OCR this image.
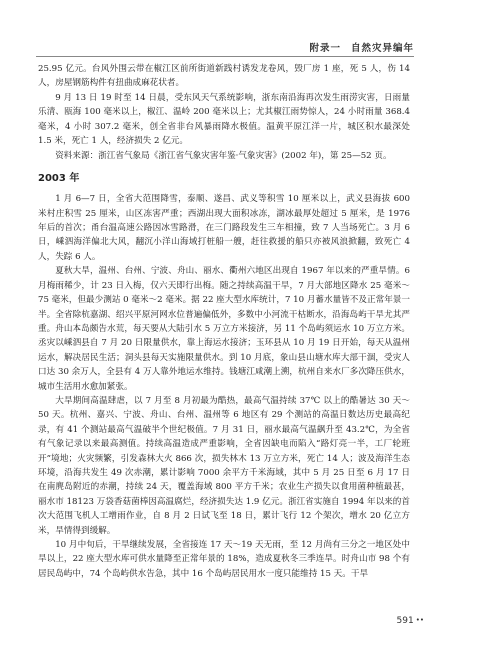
附录一 自然灾异编年

25.95 亿元。台风外围云带在椒江区前所街道新践村诱发龙卷风，毁厂房 1 座，死 5 人，伤 14 人，房屋钢筋构件有扭曲成麻花状者。

9 月 13 日 19 时至 14 日晨，受东风天气系统影响，浙东南沿海再次发生雨涝灾害，日雨量乐清、瓯海 100 毫米以上，椒江、温岭 200 毫米以上；尤其椒江雨势惊人，24 小时雨量 368.4 毫米，4 小时 307.2 毫米，创全省非台风暴雨降水极值。温黄平原江洋一片，城区积水最深处 1.5 米，死亡 1 人，经济损失 2 亿元。

资料来源：浙江省气象局《浙江省气象灾害年鉴·气象灾害》(2002 年)，第 25—52 页。

2003 年

1 月 6—7 日，全省大范围降雪，泰顺、遂昌、武义等积雪 10 厘米以上，武义县海拔 600 米村庄积雪 25 厘米，山区冻害严重；西湖出现大面积冰冻，湖冰最厚处超过 5 厘米，是 1976 年后的首次；甬台温高速公路因冰雪路滑，在三门路段发生三车相撞，致 7 人当场死亡。3 月 6 日，嵊泗海洋偏北大风，翻沉小洋山海域打桩船一艘，赶往救援的船只亦被风浪掀翻，致死亡 4 人，失踪 6 人。

夏秋大旱，温州、台州、宁波、舟山、丽水、衢州六地区出现自 1967 年以来的严重旱情。6 月梅雨稀少，计 23 日入梅，仅六天即行出梅。随之持续高温干旱，7 月大部地区降水 25 毫米～75 毫米，但最少测站 0 毫米～2 毫米。据 22 座大型水库统计，7 10 月蓄水量皆不及正常年景一半。全省除杭嘉湖、绍兴平原河网水位普遍偏低外，多数中小河流干枯断水，沿海岛屿干旱尤其严重。舟山本岛颇告水荒，每天要从大陆引水 5 万立方米接济，另 11 个岛屿须运水 10 万立方米。丞灾以嵊泗县自 7 月 20 日限量供水，靠上海运水接济；玉环县从 10 月 19 日开始，每天从温州运水，解决居民生活；洞头县每天实施限量供水。到 10 月底，象山县山塘水库大部干涸，受灾人口达 30 余万人，全县有 4 万人靠外地运水维持。钱塘江咸潮上溯，杭州自来水厂多次降压供水，城市生活用水愈加紧张。

大旱期间高温肆虐，以 7 月至 8 月初最为酷热，最高气温持续 37℃ 以上的酷暑达 30 天～50 天。杭州、嘉兴、宁波、舟山、台州、温州等 6 地区有 29 个测站的高温日数达历史最高纪录，有 41 个测站最高气温破半个世纪极值。7 月 31 日，丽水最高气温飙升至 43.2℃，为全省有气象记录以来最高测值。持续高温造成严重影响，全省因缺电而陷入“路灯亮一半，工厂轮班开”境地；火灾频繁，引发森林大火 866 次，损失林木 13 万立方米，死亡 14 人；波及海洋生态环境，沿海共发生 49 次赤潮，累计影响 7000 余平方千米海域，其中 5 月 25 日至 6 月 17 日在南麂岛附近的赤潮，持续 24 天，覆盖海域 800 平方千米；农业生产损失以食用菌种植最甚，丽水市 18123 万袋香菇菌棒因高温腐烂，经济损失达 1.9 亿元。浙江省实施自 1994 年以来的首次大范围飞机人工增雨作业，自 8 月 2 日试飞至 18 日，累计飞行 12 个架次，增水 20 亿立方米，旱情得到缓解。

10 月中旬后，干旱继续发展，全省接连 17 天～19 天无雨，至 12 月尚有三分之一地区处中旱以上，22 座大型水库可供水量降至正常年景的 18%，造成夏秋冬三季连旱。时舟山市 98 个有居民岛屿中，74 个岛屿供水告急，其中 16 个岛屿居民用水一度只能维持 15 天。干旱

591 ••
